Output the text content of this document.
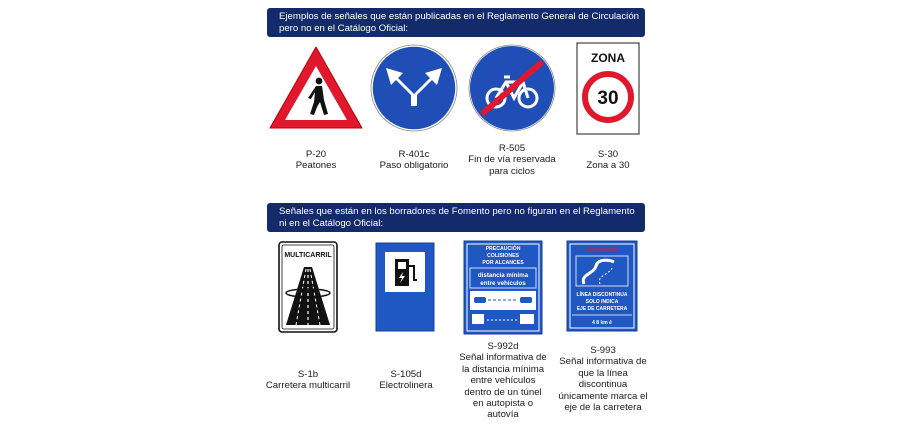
Ejemplos de señales que están publicadas en el Reglamento General de Circulación
pero no en el Catálogo Oficial:
ZONA
30
P-20
Peatones
R-401c
Paso obligatorio
R-505
Fin de vía reservada
para ciclos
S-30
Zona a 30
Señales que están en los borradores de Fomento pero no figuran en el Reglamento
ni en el Catálogo Oficial:
MULTICARRIL
PRECAUCIÓN
COLISIONES
POR ALCANCES
distancia mínima
entre vehículos
ATENCIÓN
LÍNEA DISCONTINUA
SOLO INDICA
EJE DE CARRETERA
4 8 km ê
S-1b
Carretera multicarril
S-105d
Electrolinera
S-992d
Señal informativa de
la distancia mínima
entre vehículos
dentro de un túnel
en autopista o
autovía
S-993
Señal informativa de
que la línea
discontinua
únicamente marca el
eje de la carretera
